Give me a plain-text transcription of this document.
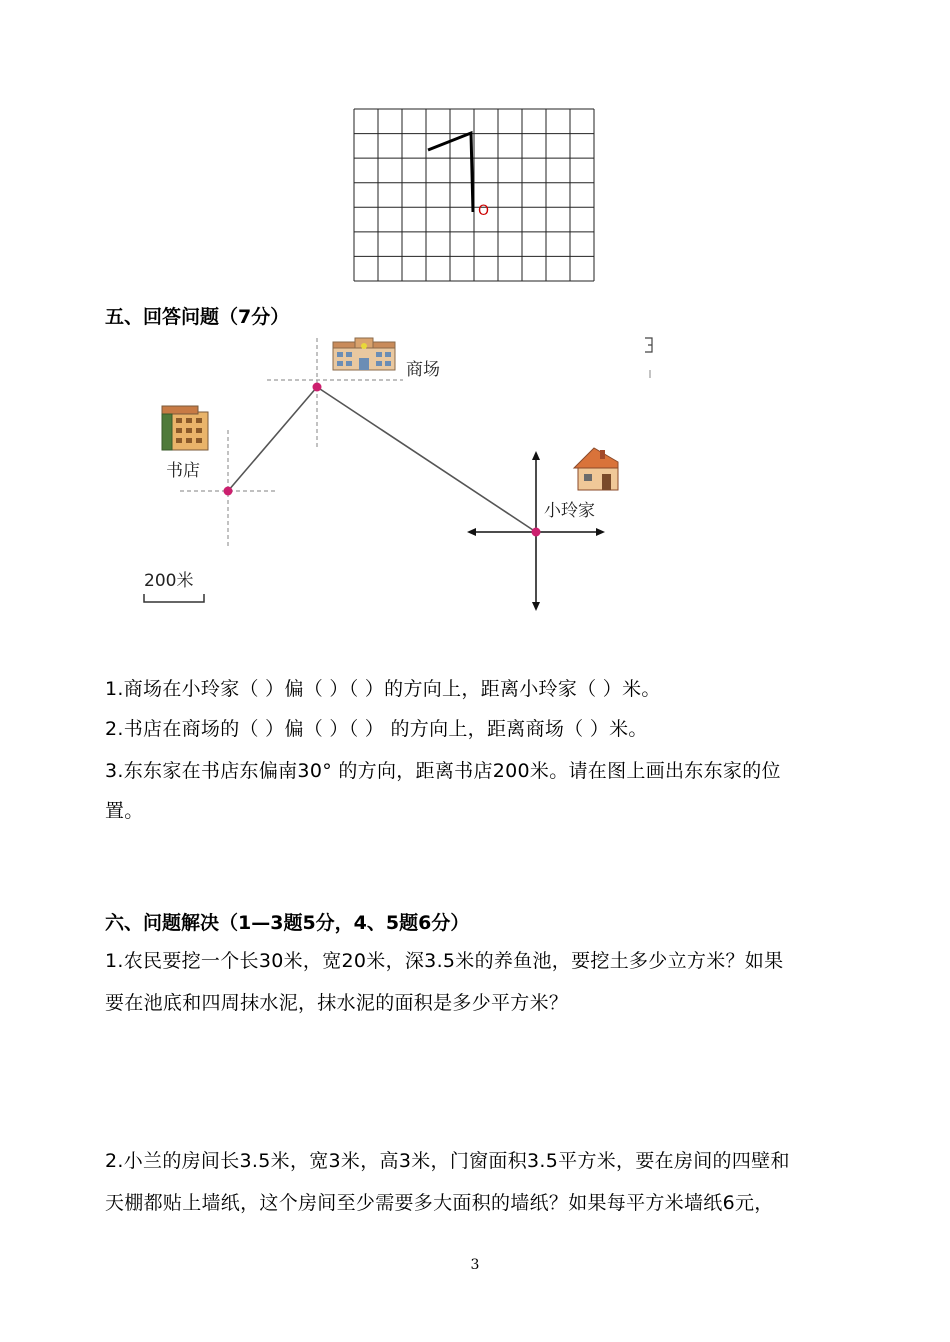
O
五、回答问题（7分）
商场
书店
小玲家
200米
1.商场在小玲家（ ）偏（ ）（ ）的方向上，距离小玲家（ ）米。
2.书店在商场的（ ）偏（ ）（ ） 的方向上，距离商场（ ）米。
3.东东家在书店东偏南30° 的方向，距离书店200米。请在图上画出东东家的位
置。
六、问题解决（1—3题5分，4、5题6分）
1.农民要挖一个长30米，宽20米，深3.5米的养鱼池，要挖土多少立方米？如果
要在池底和四周抹水泥，抹水泥的面积是多少平方米？
2.小兰的房间长3.5米，宽3米，高3米，门窗面积3.5平方米，要在房间的四壁和
天棚都贴上墙纸，这个房间至少需要多大面积的墙纸？如果每平方米墙纸6元，
3
